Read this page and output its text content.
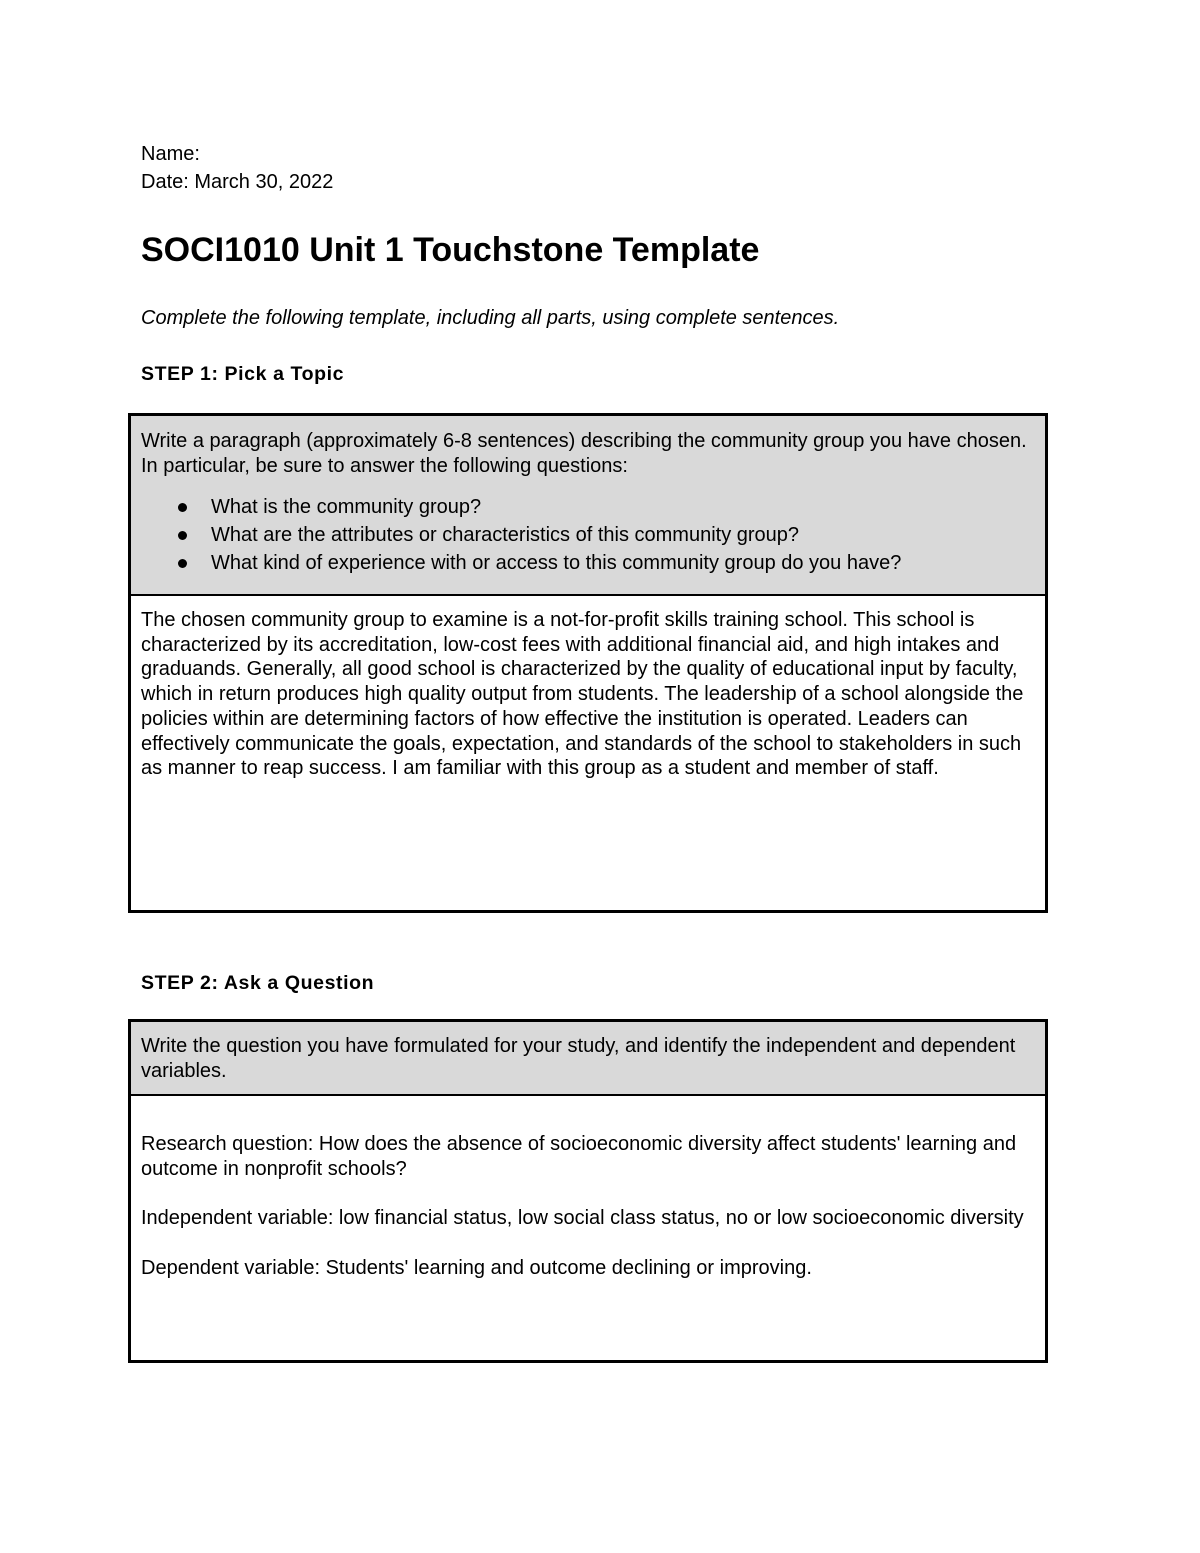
Name:
Date: March 30, 2022
SOCI1010 Unit 1 Touchstone Template
Complete the following template, including all parts, using complete sentences.
STEP 1: Pick a Topic

Write a paragraph (approximately 6-8 sentences) describing the community group you have chosen. In particular, be sure to answer the following questions:

What is the community group?
What are the attributes or characteristics of this community group?
What kind of experience with or access to this community group do you have?

The chosen community group to examine is a not-for-profit skills training school. This school is characterized by its accreditation, low-cost fees with additional financial aid, and high intakes and graduands. Generally, all good school is characterized by the quality of educational input by faculty, which in return produces high quality output from students. The leadership of a school alongside the policies within are determining factors of how effective the institution is operated. Leaders can effectively communicate the goals, expectation, and standards of the school to stakeholders in such as manner to reap success. I am familiar with this group as a student and member of staff.

STEP 2: Ask a Question

Write the question you have formulated for your study, and identify the independent and dependent variables.

Research question: How does the absence of socioeconomic diversity affect students' learning and outcome in nonprofit schools?

Independent variable: low financial status, low social class status, no or low socioeconomic diversity

Dependent variable: Students' learning and outcome declining or improving.
